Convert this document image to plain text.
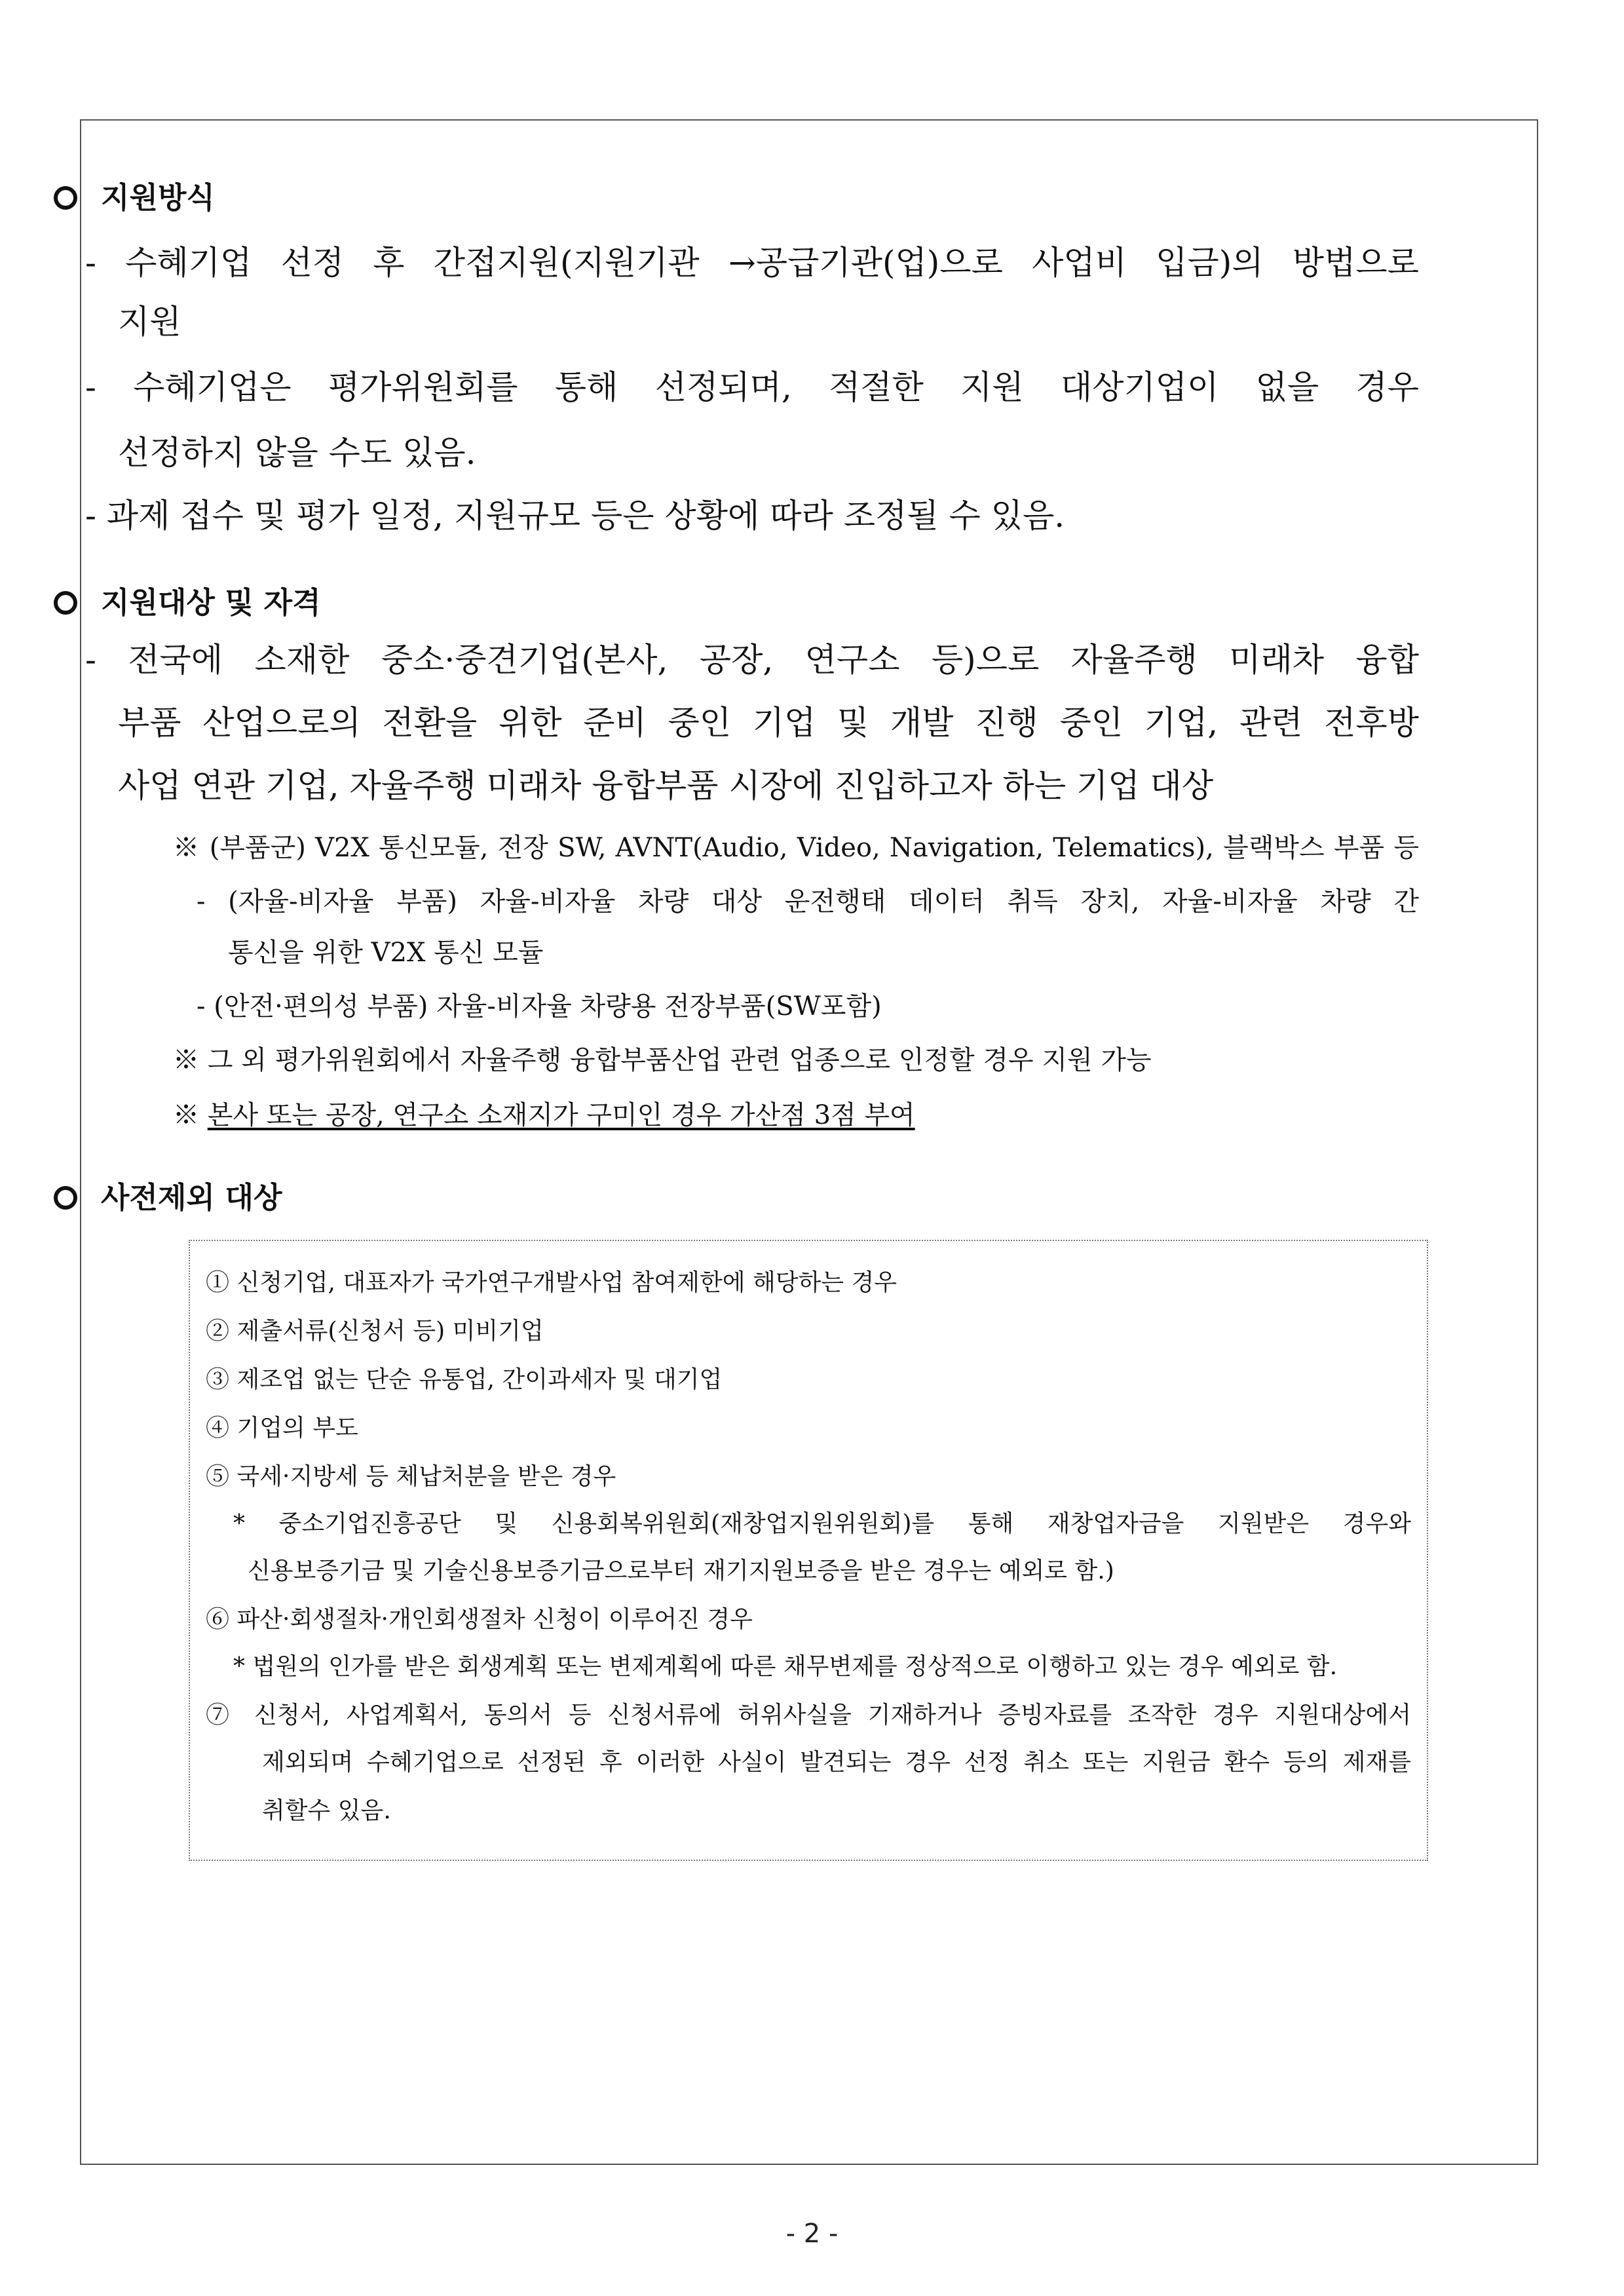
지원방식
- 수혜기업 선정 후 간접지원(지원기관 →공급기관(업)으로 사업비 입금)의 방법으로
지원
- 수혜기업은 평가위원회를 통해 선정되며, 적절한 지원 대상기업이 없을 경우
선정하지 않을 수도 있음.
- 과제 접수 및 평가 일정, 지원규모 등은 상황에 따라 조정될 수 있음.
지원대상 및 자격
- 전국에 소재한 중소·중견기업(본사, 공장, 연구소 등)으로 자율주행 미래차 융합
부품 산업으로의 전환을 위한 준비 중인 기업 및 개발 진행 중인 기업, 관련 전후방
사업 연관 기업, 자율주행 미래차 융합부품 시장에 진입하고자 하는 기업 대상
※ (부품군) V2X 통신모듈, 전장 SW, AVNT(Audio, Video, Navigation, Telematics), 블랙박스 부품 등
- (자율-비자율 부품) 자율-비자율 차량 대상 운전행태 데이터 취득 장치, 자율-비자율 차량 간
통신을 위한 V2X 통신 모듈
- (안전·편의성 부품) 자율-비자율 차량용 전장부품(SW포함)
※ 그 외 평가위원회에서 자율주행 융합부품산업 관련 업종으로 인정할 경우 지원 가능
※ 본사 또는 공장, 연구소 소재지가 구미인 경우 가산점 3점 부여
사전제외 대상
① 신청기업, 대표자가 국가연구개발사업 참여제한에 해당하는 경우
② 제출서류(신청서 등) 미비기업
③ 제조업 없는 단순 유통업, 간이과세자 및 대기업
④ 기업의 부도
⑤ 국세·지방세 등 체납처분을 받은 경우
* 중소기업진흥공단 및 신용회복위원회(재창업지원위원회)를 통해 재창업자금을 지원받은 경우와
신용보증기금 및 기술신용보증기금으로부터 재기지원보증을 받은 경우는 예외로 함.)
⑥ 파산·회생절차·개인회생절차 신청이 이루어진 경우
* 법원의 인가를 받은 회생계획 또는 변제계획에 따른 채무변제를 정상적으로 이행하고 있는 경우 예외로 함.
⑦ 신청서, 사업계획서, 동의서 등 신청서류에 허위사실을 기재하거나 증빙자료를 조작한 경우 지원대상에서
제외되며 수혜기업으로 선정된 후 이러한 사실이 발견되는 경우 선정 취소 또는 지원금 환수 등의 제재를
취할수 있음.
- 2 -
